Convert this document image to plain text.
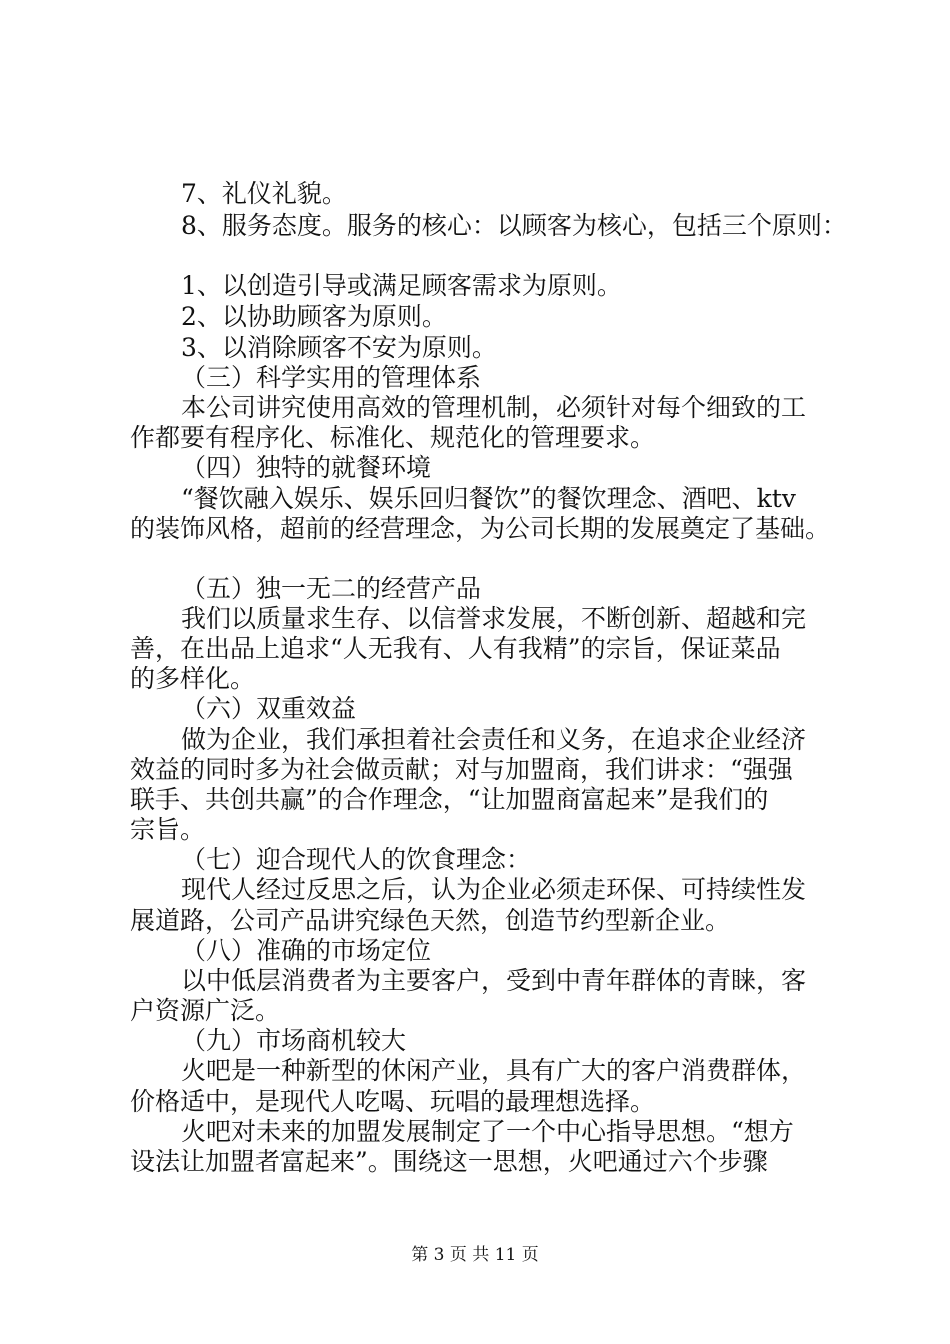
7、礼仪礼貌。
8、服务态度。服务的核心：以顾客为核心，包括三个原则：
1、以创造引导或满足顾客需求为原则。
2、以协助顾客为原则。
3、以消除顾客不安为原则。
（三）科学实用的管理体系
本公司讲究使用高效的管理机制，必须针对每个细致的工
作都要有程序化、标准化、规范化的管理要求。
（四）独特的就餐环境
“餐饮融入娱乐、娱乐回归餐饮”的餐饮理念、酒吧、ktv
的装饰风格，超前的经营理念，为公司长期的发展奠定了基础。
（五）独一无二的经营产品
我们以质量求生存、以信誉求发展，不断创新、超越和完
善，在出品上追求“人无我有、人有我精”的宗旨，保证菜品
的多样化。
（六）双重效益
做为企业，我们承担着社会责任和义务，在追求企业经济
效益的同时多为社会做贡献；对与加盟商，我们讲求：“强强
联手、共创共赢”的合作理念，“让加盟商富起来”是我们的
宗旨。
（七）迎合现代人的饮食理念：
现代人经过反思之后，认为企业必须走环保、可持续性发
展道路，公司产品讲究绿色天然，创造节约型新企业。
（八）准确的市场定位
以中低层消费者为主要客户，受到中青年群体的青睐，客
户资源广泛。
（九）市场商机较大
火吧是一种新型的休闲产业，具有广大的客户消费群体，
价格适中，是现代人吃喝、玩唱的最理想选择。
火吧对未来的加盟发展制定了一个中心指导思想。“想方
设法让加盟者富起来”。围绕这一思想，火吧通过六个步骤
第 3 页 共 11 页
